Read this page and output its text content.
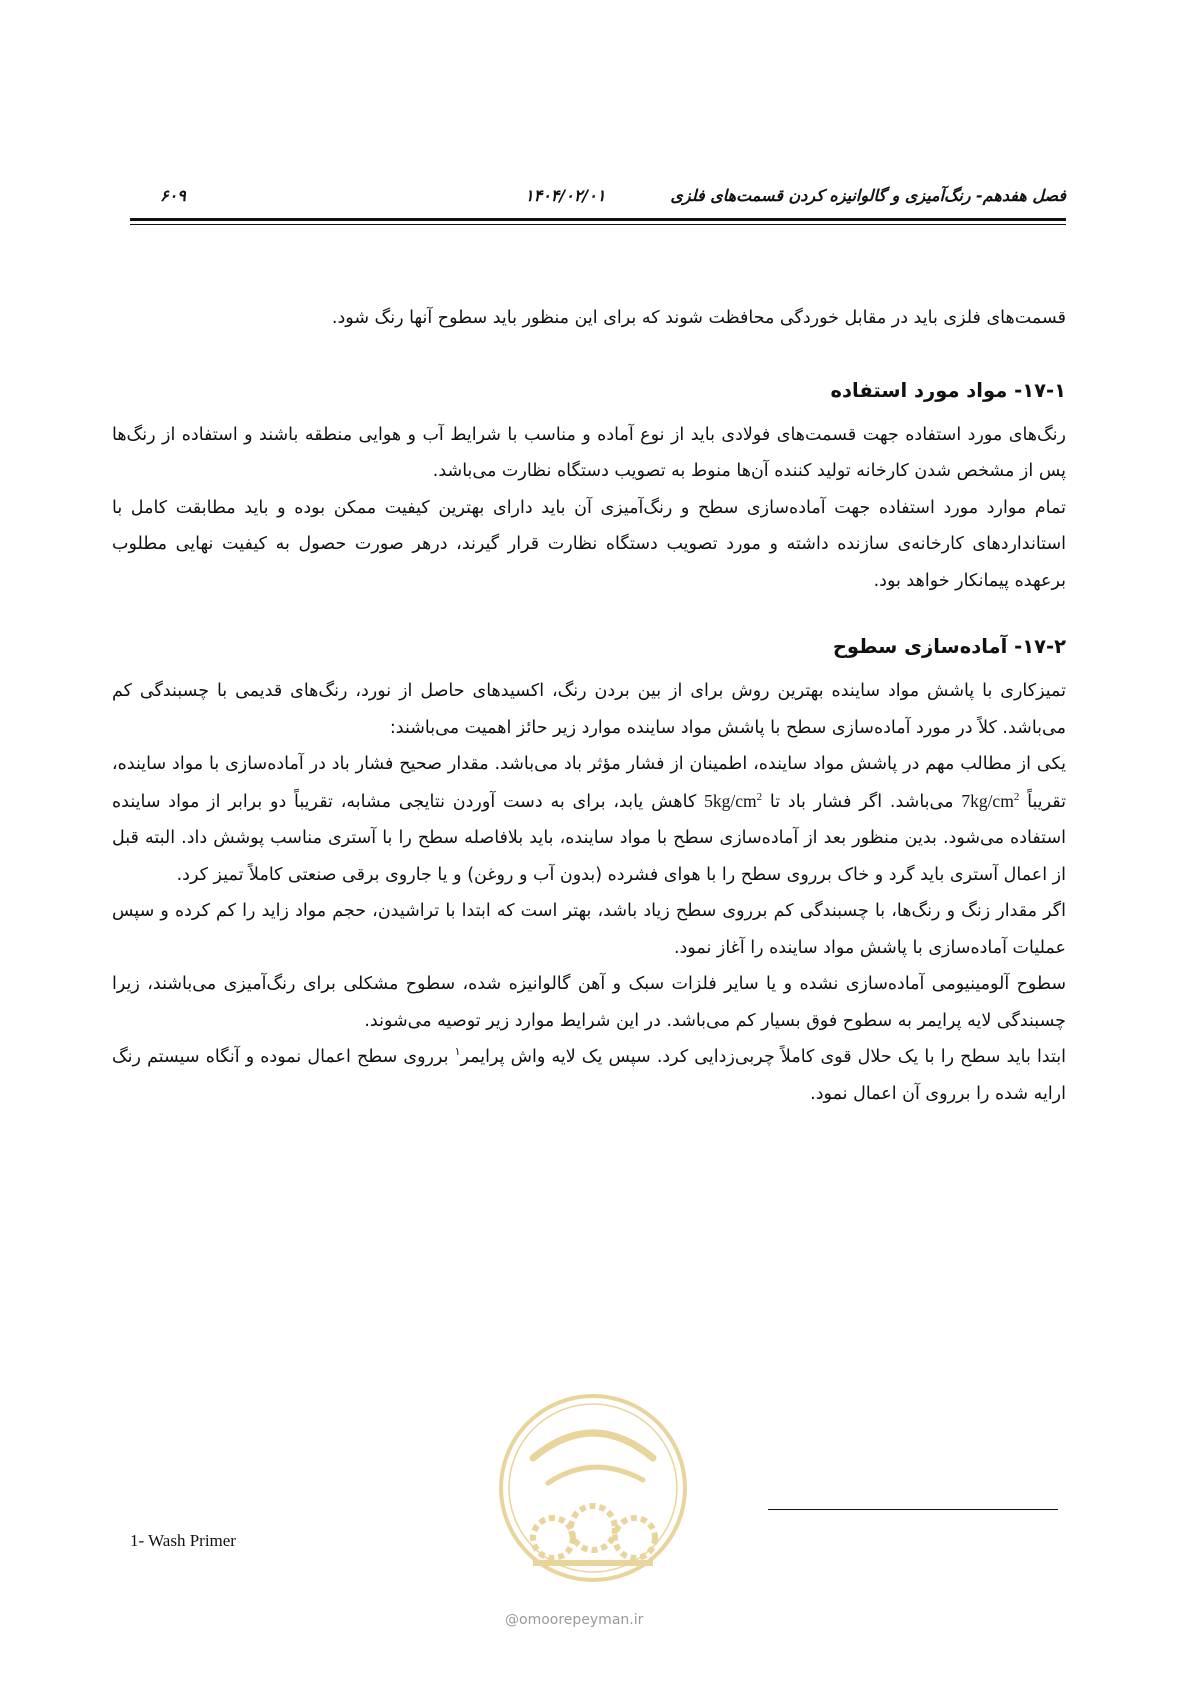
فصل هفدهم- رنگ‌آمیزی و گالوانیزه کردن قسمت‌های فلزی
۱۴۰۴/۰۲/۰۱
۶۰۹

قسمت‌های فلزی باید در مقابل خوردگی محافظت شوند که برای این منظور باید سطوح آنها رنگ شود.

۱۷-۱- مواد مورد استفاده

رنگ‌های مورد استفاده جهت قسمت‌های فولادی باید از نوع آماده و مناسب با شرایط آب و هوایی منطقه باشند و استفاده از رنگ‌ها پس از مشخص شدن کارخانه تولید کننده آن‌ها منوط به تصویب دستگاه نظارت می‌باشد.

تمام موارد مورد استفاده جهت آماده‌سازی سطح و رنگ‌آمیزی آن باید دارای بهترین کیفیت ممکن بوده و باید مطابقت کامل با استانداردهای کارخانه‌ی سازنده داشته و مورد تصویب دستگاه نظارت قرار گیرند، درهر صورت حصول به کیفیت نهایی مطلوب برعهده پیمانکار خواهد بود.

۱۷-۲- آماده‌سازی سطوح

تمیزکاری با پاشش مواد ساینده بهترین روش برای از بین بردن رنگ، اکسیدهای حاصل از نورد، رنگ‌های قدیمی با چسبندگی کم می‌باشد. کلاً در مورد آماده‌سازی سطح با پاشش مواد ساینده موارد زیر حائز اهمیت می‌باشند:

یکی از مطالب مهم در پاشش مواد ساینده، اطمینان از فشار مؤثر باد می‌باشد. مقدار صحیح فشار باد در آماده‌سازی با مواد ساینده، تقریباً $7kg/cm^2$ می‌باشد. اگر فشار باد تا $5kg/cm^2$ کاهش یابد، برای به دست آوردن نتایجی مشابه، تقریباً دو برابر از مواد ساینده استفاده می‌شود. بدین منظور بعد از آماده‌سازی سطح با مواد ساینده، باید بلافاصله سطح را با آستری مناسب پوشش داد. البته قبل از اعمال آستری باید گرد و خاک برروی سطح را با هوای فشرده (بدون آب و روغن) و یا جاروی برقی صنعتی کاملاً تمیز کرد.

اگر مقدار زنگ و رنگ‌ها، با چسبندگی کم برروی سطح زیاد باشد، بهتر است که ابتدا با تراشیدن، حجم مواد زاید را کم کرده و سپس عملیات آماده‌سازی با پاشش مواد ساینده را آغاز نمود.

سطوح آلومینیومی آماده‌سازی نشده و یا سایر فلزات سبک و آهن گالوانیزه شده، سطوح مشکلی برای رنگ‌آمیزی می‌باشند، زیرا چسبندگی لایه پرایمر به سطوح فوق بسیار کم می‌باشد. در این شرایط موارد زیر توصیه می‌شوند.

ابتدا باید سطح را با یک حلال قوی کاملاً چربی‌زدایی کرد. سپس یک لایه واش پرایمر$^۱$ برروی سطح اعمال نموده و آنگاه سیستم رنگ ارایه شده را برروی آن اعمال نمود.

@omoorepeyman.ir
1- Wash Primer
